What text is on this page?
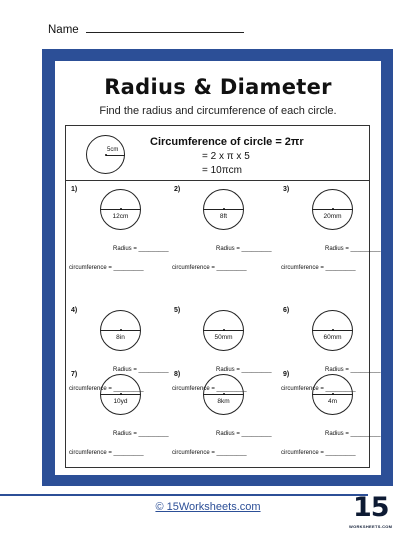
Name
Radius & Diameter
Find the radius and circumference of each circle.
5cm
Circumference of circle = 2πr
= 2 x π x 5
= 10πcm
1)
12cm
Radius = _________
circumference = _________
2)
8ft
Radius = _________
circumference = _________
3)
20mm
Radius = _________
circumference = _________
4)
8in
Radius = _________
circumference = _________
5)
50mm
Radius = _________
circumference = _________
6)
60mm
Radius = _________
circumference = _________
7)
10yd
Radius = _________
circumference = _________
8)
8km
Radius = _________
circumference = _________
9)
4m
Radius = _________
circumference = _________
© 15Worksheets.com	15
WORKSHEETS.COM
